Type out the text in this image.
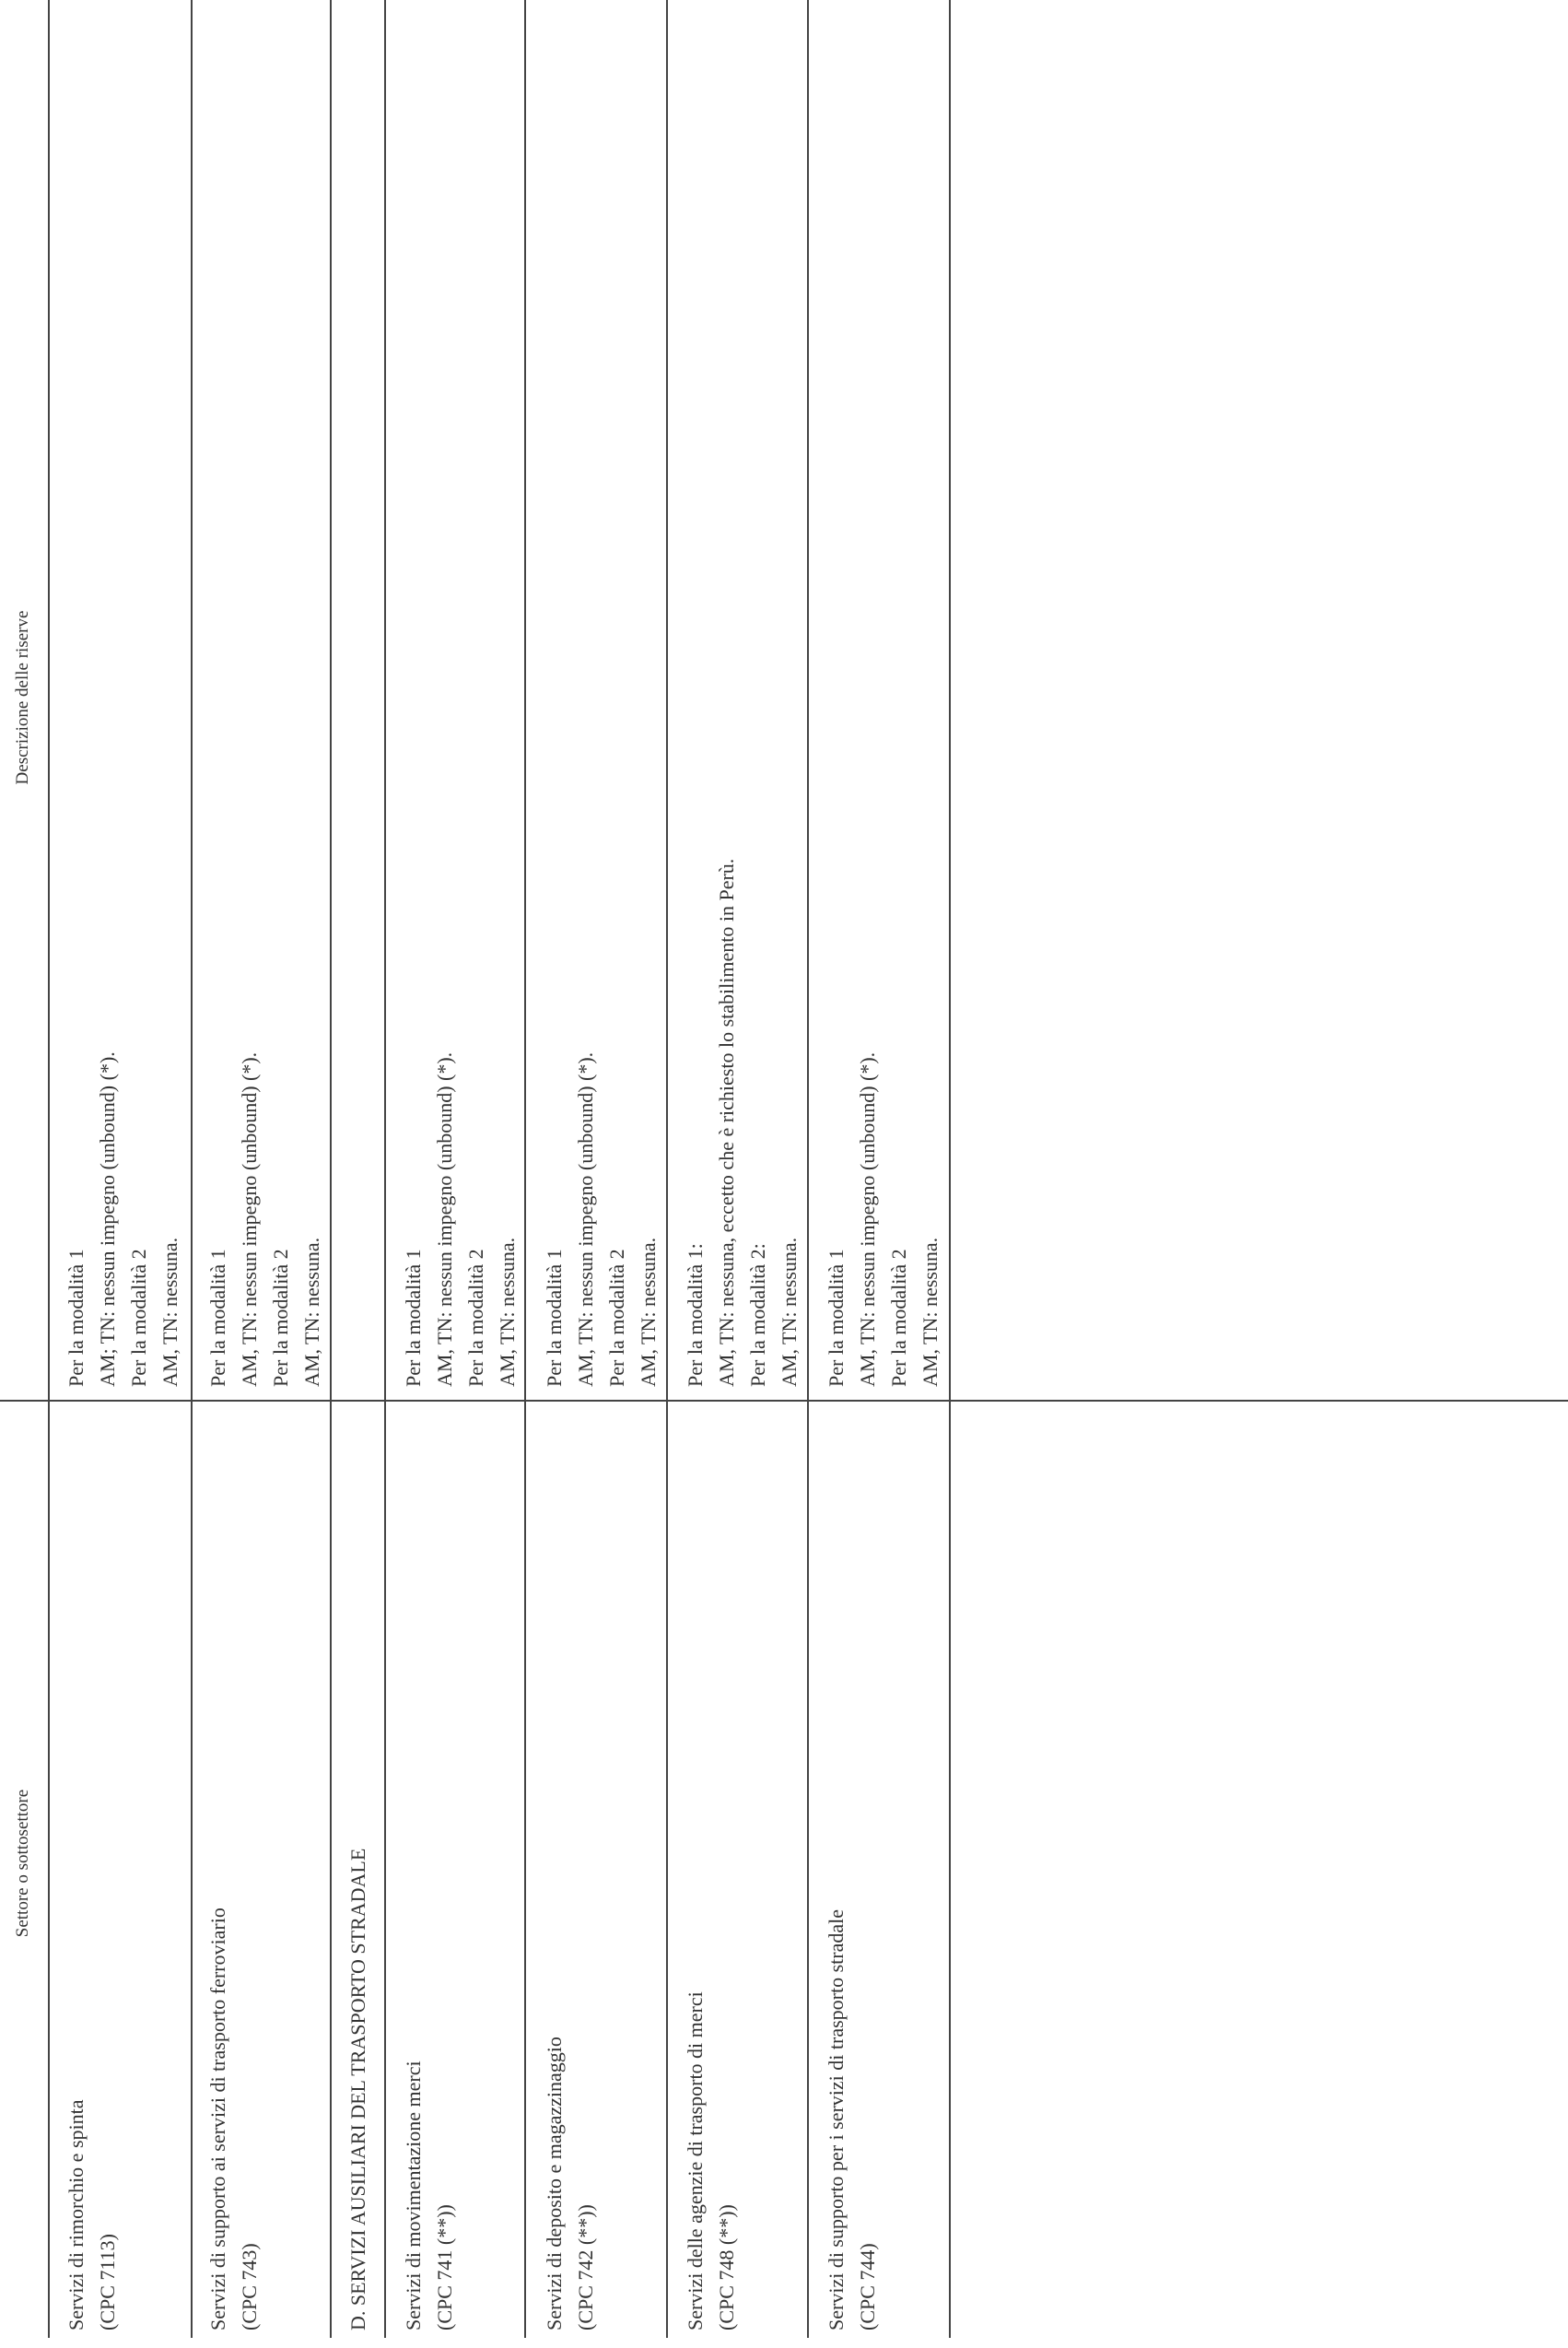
Settore o sottosettore
Descrizione delle riserve
Servizi di rimorchio e spinta (CPC 7113)
Per la modalità 1 AM; TN: nessun impegno (unbound) (*). Per la modalità 2 AM, TN: nessuna.
Servizi di supporto ai servizi di trasporto ferroviario (CPC 743)
Per la modalità 1 AM, TN: nessun impegno (unbound) (*). Per la modalità 2 AM, TN: nessuna.
D. SERVIZI AUSILIARI DEL TRASPORTO STRADALE Servizi di movimentazione merci (CPC 741 (**))
Per la modalità 1 AM, TN: nessun impegno (unbound) (*). Per la modalità 2 AM, TN: nessuna.
Servizi di deposito e magazzinaggio (CPC 742 (**))
Per la modalità 1 AM, TN: nessun impegno (unbound) (*). Per la modalità 2 AM, TN: nessuna.
Servizi delle agenzie di trasporto di merci (CPC 748 (**))
Per la modalità 1: AM, TN: nessuna, eccetto che è richiesto lo stabilimento in Perù. Per la modalità 2: AM, TN: nessuna.
Servizi di supporto per i servizi di trasporto stradale (CPC 744)
Per la modalità 1 AM, TN: nessun impegno (unbound) (*). Per la modalità 2 AM, TN: nessuna.
